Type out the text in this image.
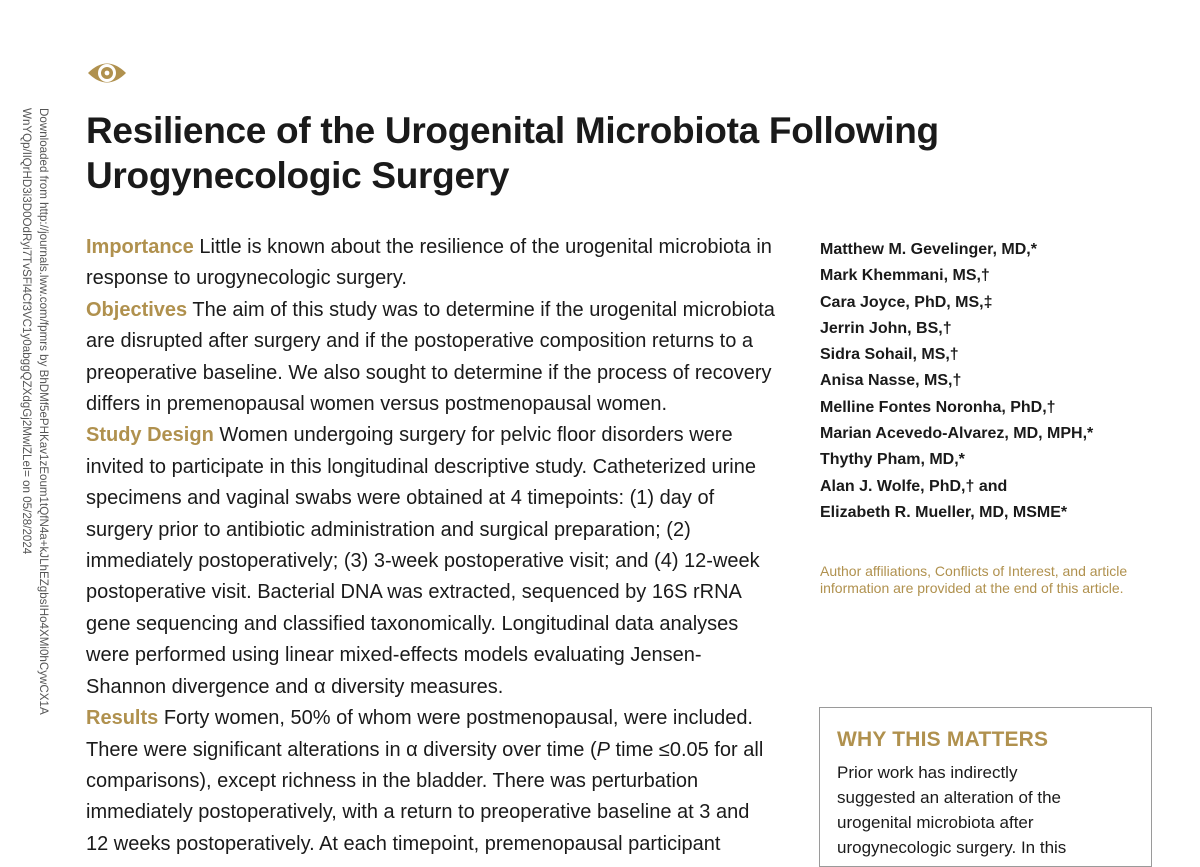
Downloaded from http://journals.lww.com/fpmrs by BhDMf5ePHKav1zEoum1tQfN4a+kJLhEZgbsIHo4XMi0hCywCX1A
WnYQp/IlQrHD3i3D0OdRyi7TvSFl4Cf3VC1y0abggQZXdgGj2MwlZLeI= on 05/28/2024 Resilience of the Urogenital Microbiota Following
Urogynecologic Surgery

Importance Little is known about the resilience of the urogenital microbiota in response to urogynecologic surgery.

Objectives The aim of this study was to determine if the urogenital microbiota are disrupted after surgery and if the postoperative composition returns to a preoperative baseline. We also sought to determine if the process of recovery differs in premenopausal women versus postmenopausal women.

Study Design Women undergoing surgery for pelvic floor disorders were invited to participate in this longitudinal descriptive study. Catheterized urine specimens and vaginal swabs were obtained at 4 timepoints: (1) day of surgery prior to antibiotic administration and surgical preparation; (2) immediately postoperatively; (3) 3-week postoperative visit; and (4) 12-week postoperative visit. Bacterial DNA was extracted, sequenced by 16S rRNA gene sequencing and classified taxonomically. Longitudinal data analyses were performed using linear mixed-effects models evaluating Jensen-Shannon divergence and α diversity measures.

Results Forty women, 50% of whom were postmenopausal, were included. There were significant alterations in α diversity over time (P time ≤0.05 for all comparisons), except richness in the bladder. There was perturbation immediately postoperatively, with a return to preoperative baseline at 3 and 12 weeks postoperatively. At each timepoint, premenopausal participant

Matthew M. Gevelinger, MD,*
Mark Khemmani, MS,†
Cara Joyce, PhD, MS,‡
Jerrin John, BS,†
Sidra Sohail, MS,†
Anisa Nasse, MS,†
Melline Fontes Noronha, PhD,†
Marian Acevedo-Alvarez, MD, MPH,*
Thythy Pham, MD,*
Alan J. Wolfe, PhD,† and
Elizabeth R. Mueller, MD, MSME*
Author affiliations, Conflicts of Interest, and article information are provided at the end of this article.
WHY THIS MATTERS
Prior work has indirectly suggested an alteration of the urogenital microbiota after urogynecologic surgery. In this
